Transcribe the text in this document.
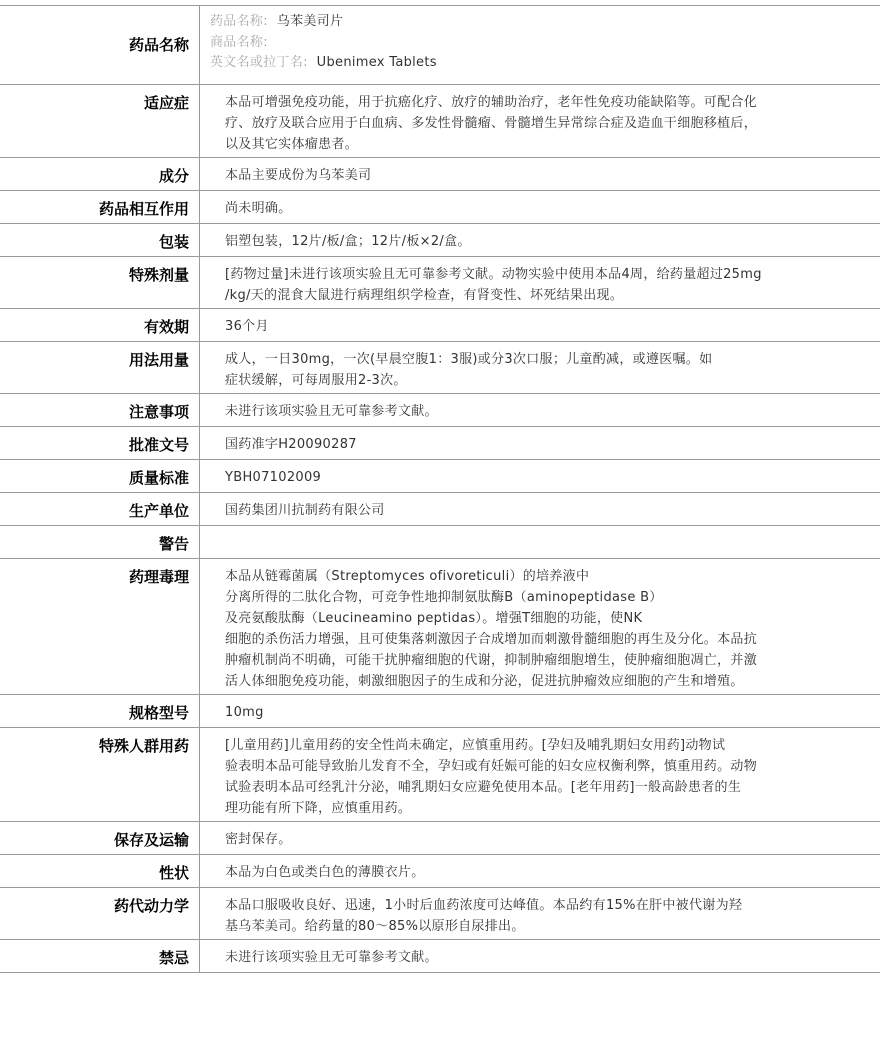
药品名称
药品名称: 乌苯美司片
商品名称:
英文名或拉丁名: Ubenimex Tablets
适应症	本品可增强免疫功能，用于抗癌化疗、放疗的辅助治疗，老年性免疫功能缺陷等。可配合化
疗、放疗及联合应用于白血病、多发性骨髓瘤、骨髓增生异常综合症及造血干细胞移植后，
以及其它实体瘤患者。
成分	本品主要成份为乌苯美司
药品相互作用	尚未明确。
包装	铝塑包装，12片/板/盒；12片/板×2/盒。
特殊剂量	[药物过量]未进行该项实验且无可靠参考文献。动物实验中使用本品4周，给药量超过25mg
/kg/天的混食大鼠进行病理组织学检查，有肾变性、坏死结果出现。
有效期	36个月
用法用量	成人，一日30mg，一次(早晨空腹1：3服)或分3次口服；儿童酌减，或遵医嘱。如
症状缓解，可每周服用2-3次。
注意事项	未进行该项实验且无可靠参考文献。
批准文号	国药准字H20090287
质量标准	YBH07102009
生产单位	国药集团川抗制药有限公司
警告
药理毒理	本品从链霉菌属（Streptomyces ofivoreticuli）的培养液中
分离所得的二肽化合物，可竞争性地抑制氨肽酶B（aminopeptidase B）
及亮氨酸肽酶（Leucineamino peptidas）。增强T细胞的功能，使NK
细胞的杀伤活力增强，且可使集落刺激因子合成增加而刺激骨髓细胞的再生及分化。本品抗
肿瘤机制尚不明确，可能干扰肿瘤细胞的代谢，抑制肿瘤细胞增生，使肿瘤细胞凋亡，并激
活人体细胞免疫功能，刺激细胞因子的生成和分泌，促进抗肿瘤效应细胞的产生和增殖。
规格型号	10mg
特殊人群用药	[儿童用药]儿童用药的安全性尚未确定，应慎重用药。[孕妇及哺乳期妇女用药]动物试
验表明本品可能导致胎儿发育不全，孕妇或有妊娠可能的妇女应权衡利弊，慎重用药。动物
试验表明本品可经乳汁分泌，哺乳期妇女应避免使用本品。[老年用药]一般高龄患者的生
理功能有所下降，应慎重用药。
保存及运输	密封保存。
性状	本品为白色或类白色的薄膜衣片。
药代动力学	本品口服吸收良好、迅速，1小时后血药浓度可达峰值。本品约有15%在肝中被代谢为羟
基乌苯美司。给药量的80～85%以原形自尿排出。
禁忌	未进行该项实验且无可靠参考文献。
